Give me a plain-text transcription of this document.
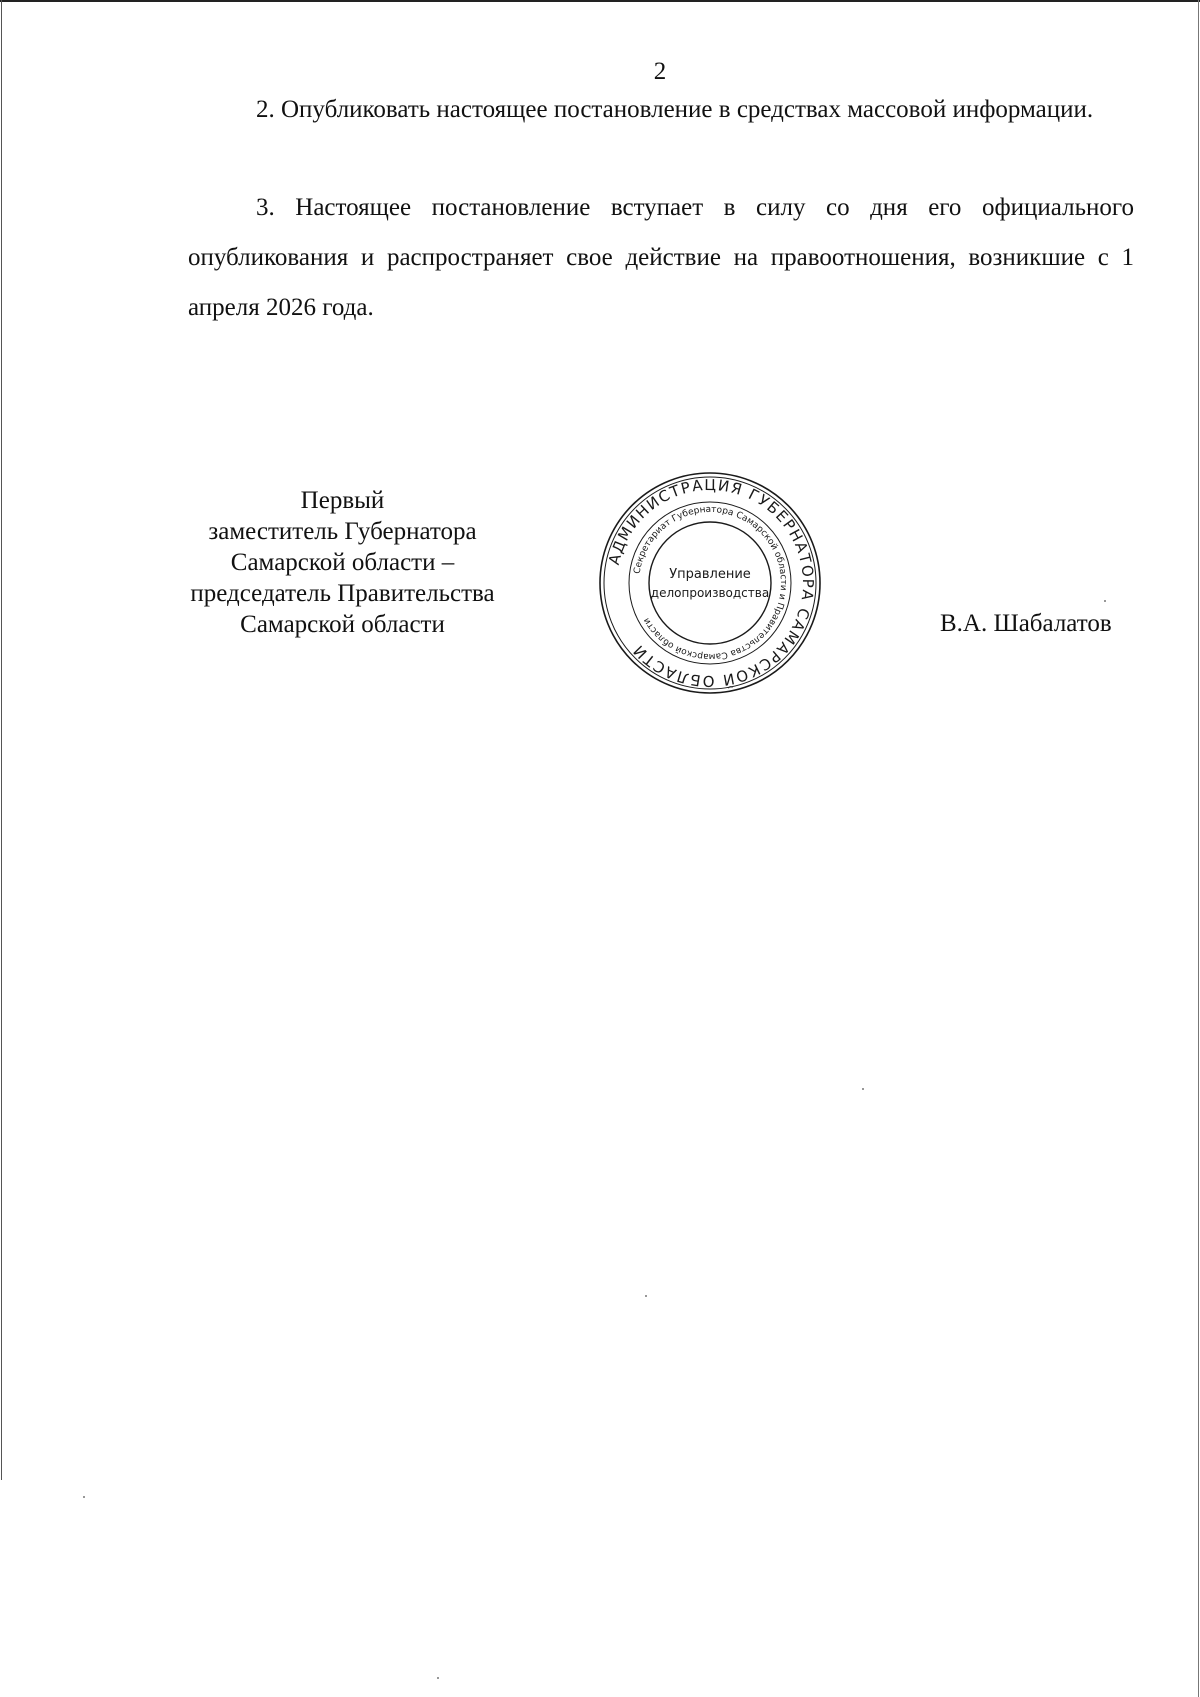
2

2. Опубликовать настоящее постановление в средствах массовой информации.

3. Настоящее постановление вступает в силу со дня его официального опубликования и распространяет свое действие на правоотношения, возникшие с 1 апреля 2026 года.

Первый
заместитель Губернатора
Самарской области –
председатель Правительства
Самарской области
АДМИНИСТРАЦИЯ ГУБЕРНАТОРА САМАРСКОЙ ОБЛАСТИ
Секретариат Губернатора Самарской области и Правительства Самарской области
Управление
делопроизводства
В.А. Шабалатов
